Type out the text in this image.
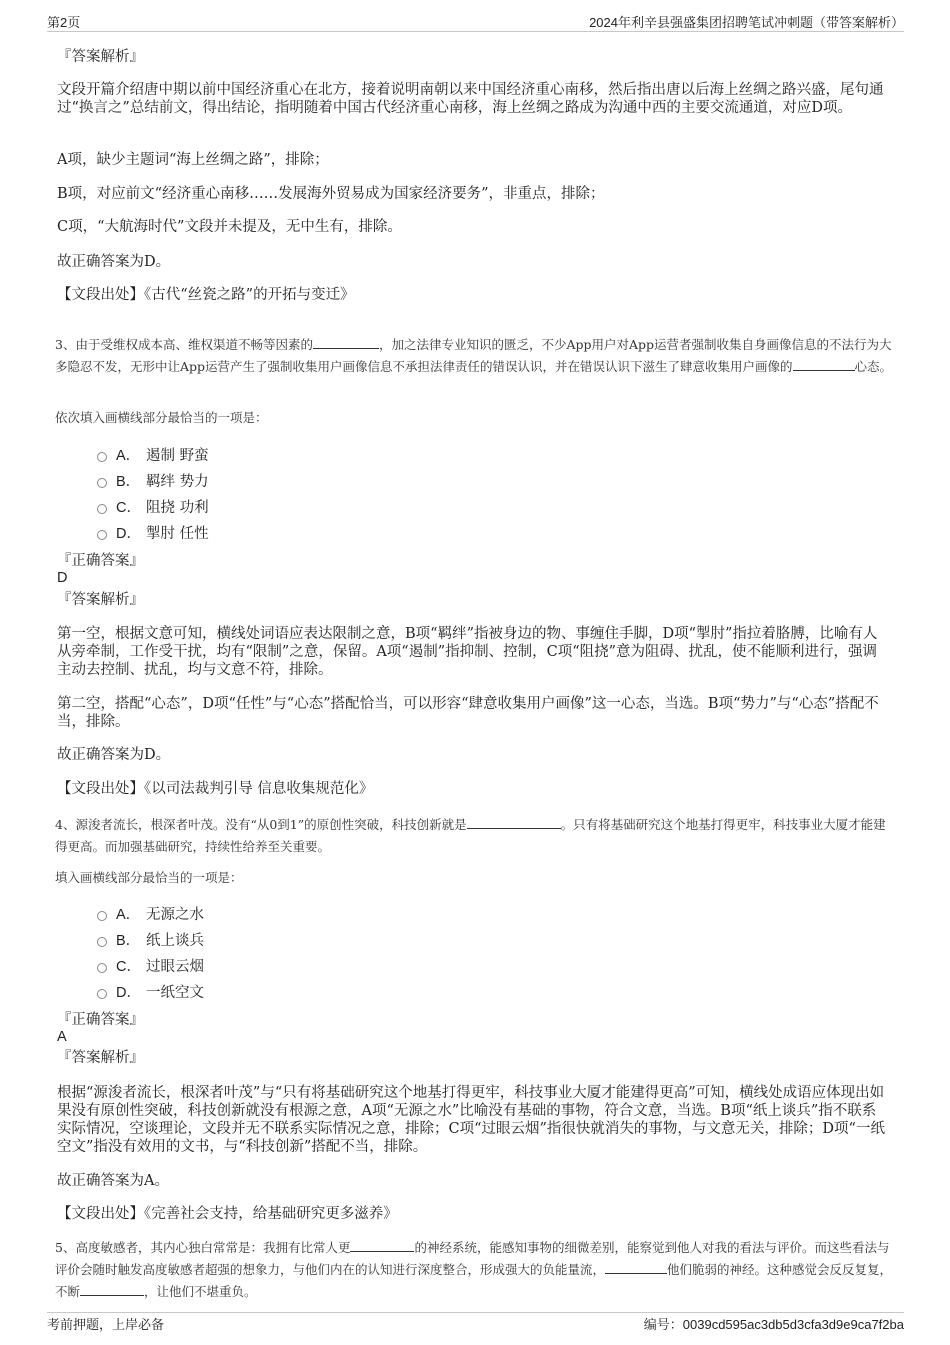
第2页	2024年利辛县强盛集团招聘笔试冲刺题（带答案解析）
『答案解析』
文段开篇介绍唐中期以前中国经济重心在北方，接着说明南朝以来中国经济重心南移，然后指出唐以后海上丝绸之路兴盛，尾句通过“换言之”总结前文，得出结论，指明随着中国古代经济重心南移，海上丝绸之路成为沟通中西的主要交流通道，对应D项。
A项，缺少主题词“海上丝绸之路”，排除；
B项，对应前文“经济重心南移……发展海外贸易成为国家经济要务”，非重点，排除；
C项，“大航海时代”文段并未提及，无中生有，排除。
故正确答案为D。
【文段出处】《古代“丝瓷之路”的开拓与变迁》
3、由于受维权成本高、维权渠道不畅等因素的	，加之法律专业知识的匮乏，不少App用户对App运营者强制收集自身画像信息的不法行为大多隐忍不发，无形中让App运营产生了强制收集用户画像信息不承担法律责任的错误认识，并在错误认识下滋生了肆意收集用户画像的	心态。
依次填入画横线部分最恰当的一项是：
A． 遏制 野蛮
B． 羁绊 势力
C． 阻挠 功利
D． 掣肘 任性
『正确答案』
D
『答案解析』
第一空，根据文意可知，横线处词语应表达限制之意，B项“羁绊”指被身边的物、事缠住手脚，D项“掣肘”指拉着胳膊，比喻有人从旁牵制，工作受干扰，均有“限制”之意，保留。A项“遏制”指抑制、控制，C项“阻挠”意为阻碍、扰乱，使不能顺利进行，强调主动去控制、扰乱，均与文意不符，排除。
第二空，搭配“心态”，D项“任性”与“心态”搭配恰当，可以形容“肆意收集用户画像”这一心态，当选。B项“势力”与“心态”搭配不当，排除。
故正确答案为D。
【文段出处】《以司法裁判引导 信息收集规范化》
4、源浚者流长，根深者叶茂。没有“从0到1”的原创性突破，科技创新就是	。只有将基础研究这个地基打得更牢，科技事业大厦才能建得更高。而加强基础研究，持续性给养至关重要。
填入画横线部分最恰当的一项是：
A． 无源之水
B． 纸上谈兵
C． 过眼云烟
D． 一纸空文
『正确答案』
A
『答案解析』
根据“源浚者流长，根深者叶茂”与“只有将基础研究这个地基打得更牢，科技事业大厦才能建得更高”可知，横线处成语应体现出如果没有原创性突破，科技创新就没有根源之意，A项“无源之水”比喻没有基础的事物，符合文意，当选。B项“纸上谈兵”指不联系实际情况，空谈理论，文段并无不联系实际情况之意，排除；C项“过眼云烟”指很快就消失的事物，与文意无关，排除；D项“一纸空文”指没有效用的文书，与“科技创新”搭配不当，排除。
故正确答案为A。
【文段出处】《完善社会支持，给基础研究更多滋养》
5、高度敏感者，其内心独白常常是：我拥有比常人更	的神经系统，能感知事物的细微差别，能察觉到他人对我的看法与评价。而这些看法与评价会随时触发高度敏感者超强的想象力，与他们内在的认知进行深度整合，形成强大的负能量流，	他们脆弱的神经。这种感觉会反反复复，不断	，让他们不堪重负。
考前押题，上岸必备	编号：0039cd595ac3db5d3cfa3d9e9ca7f2ba
